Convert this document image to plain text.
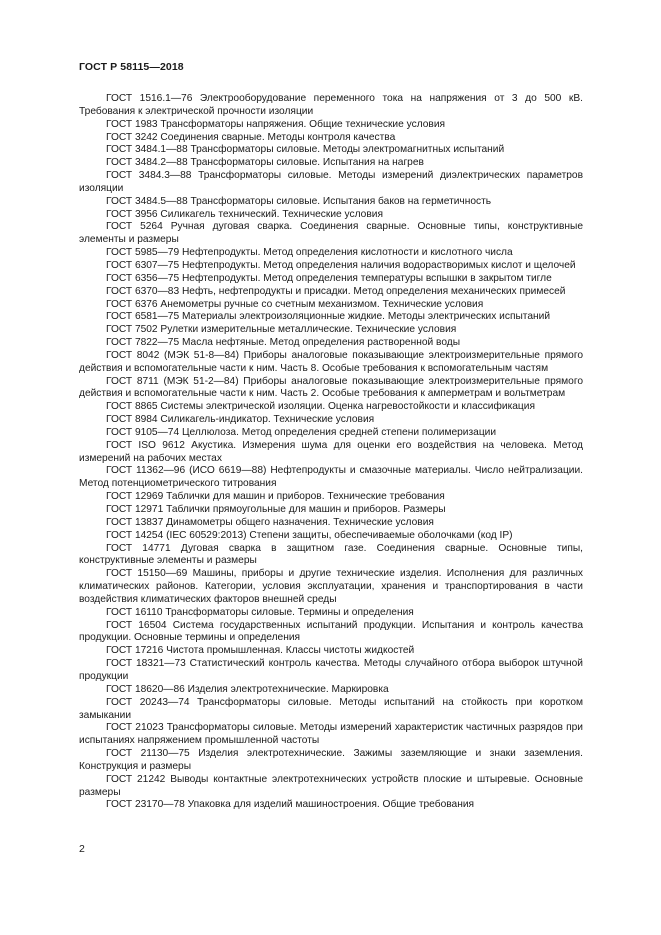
ГОСТ Р 58115—2018

ГОСТ 1516.1—76 Электрооборудование переменного тока на напряжения от 3 до 500 кВ. Требования к электрической прочности изоляции

ГОСТ 1983 Трансформаторы напряжения. Общие технические условия

ГОСТ 3242 Соединения сварные. Методы контроля качества

ГОСТ 3484.1—88 Трансформаторы силовые. Методы электромагнитных испытаний

ГОСТ 3484.2—88 Трансформаторы силовые. Испытания на нагрев

ГОСТ 3484.3—88 Трансформаторы силовые. Методы измерений диэлектрических параметров изоляции

ГОСТ 3484.5—88 Трансформаторы силовые. Испытания баков на герметичность

ГОСТ 3956 Силикагель технический. Технические условия

ГОСТ 5264 Ручная дуговая сварка. Соединения сварные. Основные типы, конструктивные элементы и размеры

ГОСТ 5985—79 Нефтепродукты. Метод определения кислотности и кислотного числа

ГОСТ 6307—75 Нефтепродукты. Метод определения наличия водорастворимых кислот и щелочей

ГОСТ 6356—75 Нефтепродукты. Метод определения температуры вспышки в закрытом тигле

ГОСТ 6370—83 Нефть, нефтепродукты и присадки. Метод определения механических примесей

ГОСТ 6376 Анемометры ручные со счетным механизмом. Технические условия

ГОСТ 6581—75 Материалы электроизоляционные жидкие. Методы электрических испытаний

ГОСТ 7502 Рулетки измерительные металлические. Технические условия

ГОСТ 7822—75 Масла нефтяные. Метод определения растворенной воды

ГОСТ 8042 (МЭК 51-8—84) Приборы аналоговые показывающие электроизмерительные прямого действия и вспомогательные части к ним. Часть 8. Особые требования к вспомогательным частям

ГОСТ 8711 (МЭК 51-2—84) Приборы аналоговые показывающие электроизмерительные прямого действия и вспомогательные части к ним. Часть 2. Особые требования к амперметрам и вольтметрам

ГОСТ 8865 Системы электрической изоляции. Оценка нагревостойкости и классификация

ГОСТ 8984 Силикагель-индикатор. Технические условия

ГОСТ 9105—74 Целлюлоза. Метод определения средней степени полимеризации

ГОСТ ISO 9612 Акустика. Измерения шума для оценки его воздействия на человека. Метод измерений на рабочих местах

ГОСТ 11362—96 (ИСО 6619—88) Нефтепродукты и смазочные материалы. Число нейтрализации. Метод потенциометрического титрования

ГОСТ 12969 Таблички для машин и приборов. Технические требования

ГОСТ 12971 Таблички прямоугольные для машин и приборов. Размеры

ГОСТ 13837 Динамометры общего назначения. Технические условия

ГОСТ 14254 (IEC 60529:2013) Степени защиты, обеспечиваемые оболочками (код IP)

ГОСТ 14771 Дуговая сварка в защитном газе. Соединения сварные. Основные типы, конструктивные элементы и размеры

ГОСТ 15150—69 Машины, приборы и другие технические изделия. Исполнения для различных климатических районов. Категории, условия эксплуатации, хранения и транспортирования в части воздействия климатических факторов внешней среды

ГОСТ 16110 Трансформаторы силовые. Термины и определения

ГОСТ 16504 Система государственных испытаний продукции. Испытания и контроль качества продукции. Основные термины и определения

ГОСТ 17216 Чистота промышленная. Классы чистоты жидкостей

ГОСТ 18321—73 Статистический контроль качества. Методы случайного отбора выборок штучной продукции

ГОСТ 18620—86 Изделия электротехнические. Маркировка

ГОСТ 20243—74 Трансформаторы силовые. Методы испытаний на стойкость при коротком замыкании

ГОСТ 21023 Трансформаторы силовые. Методы измерений характеристик частичных разрядов при испытаниях напряжением промышленной частоты

ГОСТ 21130—75 Изделия электротехнические. Зажимы заземляющие и знаки заземления. Конструкция и размеры

ГОСТ 21242 Выводы контактные электротехнических устройств плоские и штыревые. Основные размеры

ГОСТ 23170—78 Упаковка для изделий машиностроения. Общие требования

2
